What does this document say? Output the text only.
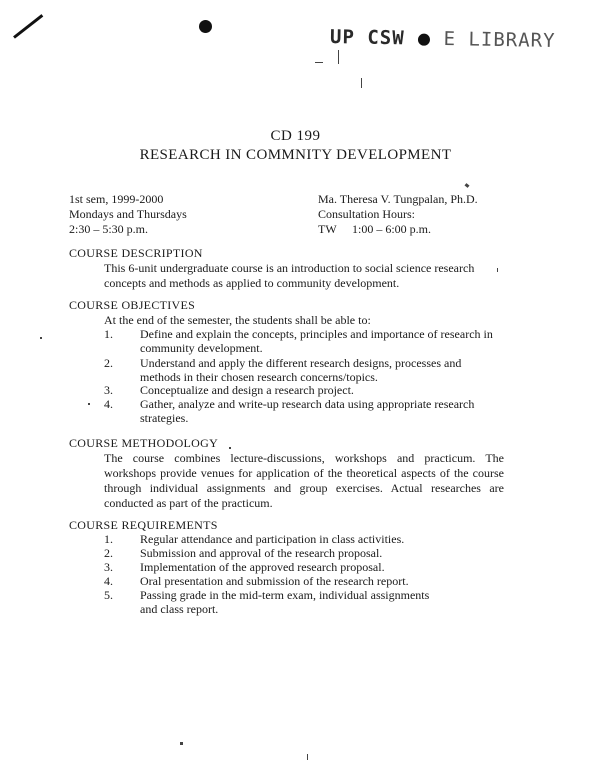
UP CSW E LIBRARY
CD 199
RESEARCH IN COMMNITY DEVELOPMENT
1st sem, 1999-2000
Mondays and Thursdays
2:30 – 5:30 p.m.
Ma. Theresa V. Tungpalan, Ph.D.
Consultation Hours:
TW 1:00 – 6:00 p.m.
COURSE DESCRIPTION
This 6-unit undergraduate course is an introduction to social science research
concepts and methods as applied to community development.
COURSE OBJECTIVES
At the end of the semester, the students shall be able to:
1.	Define and explain the concepts, principles and importance of research in
community development.
2.	Understand and apply the different research designs, processes and
methods in their chosen research concerns/topics.
3.	Conceptualize and design a research project.
4.	Gather, analyze and write-up research data using appropriate research
strategies.
COURSE METHODOLOGY
The course combines lecture-discussions, workshops and practicum. The
workshops provide venues for application of the theoretical aspects of the course
through individual assignments and group exercises. Actual researches are
conducted as part of the practicum.
COURSE REQUIREMENTS
1.	Regular attendance and participation in class activities.
2.	Submission and approval of the research proposal.
3.	Implementation of the approved research proposal.
4.	Oral presentation and submission of the research report.
5.	Passing grade in the mid-term exam, individual assignments
and class report.
